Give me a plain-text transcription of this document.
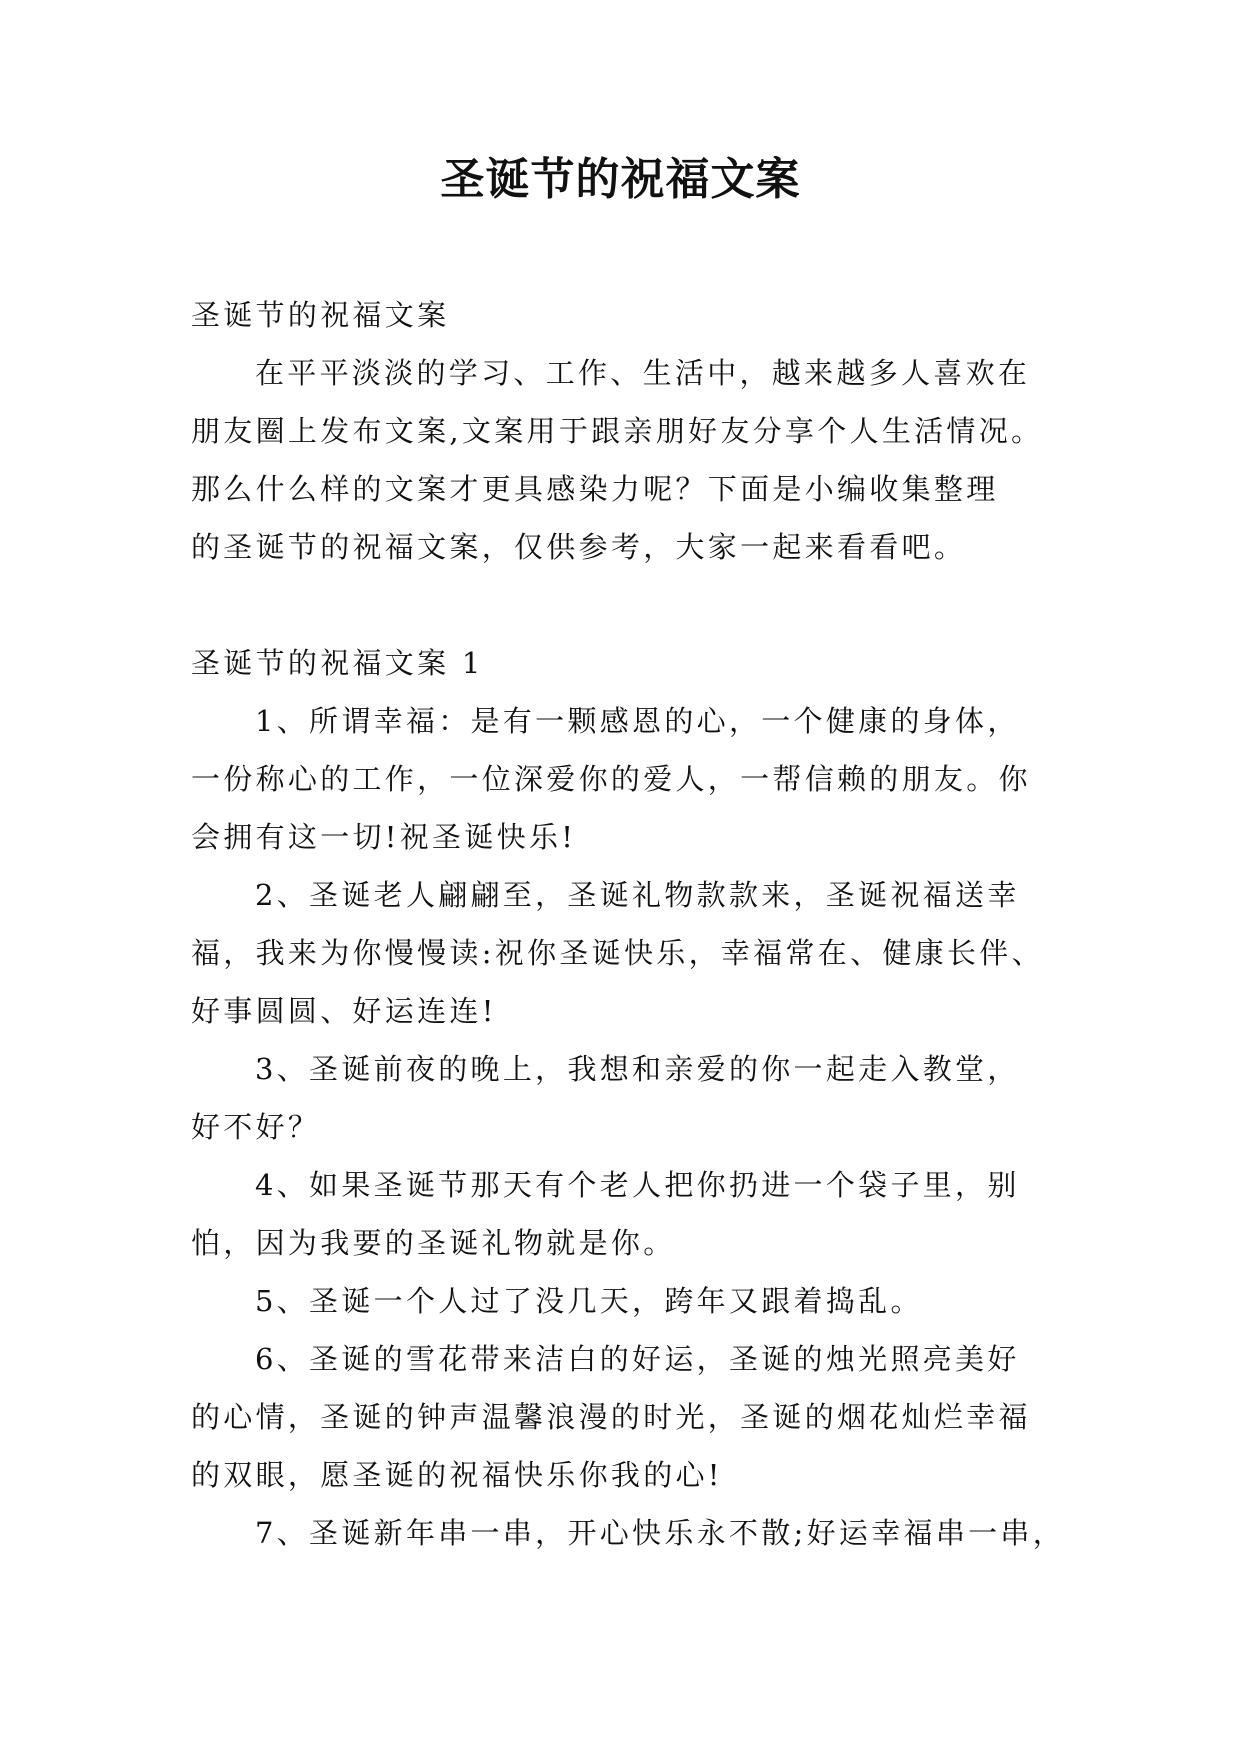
圣诞节的祝福文案

圣诞节的祝福文案

在平平淡淡的学习、工作、生活中，越来越多人喜欢在

朋友圈上发布文案,文案用于跟亲朋好友分享个人生活情况。

那么什么样的文案才更具感染力呢？下面是小编收集整理

的圣诞节的祝福文案，仅供参考，大家一起来看看吧。

圣诞节的祝福文案 1

1、所谓幸福：是有一颗感恩的心，一个健康的身体，

一份称心的工作，一位深爱你的爱人，一帮信赖的朋友。你

会拥有这一切!祝圣诞快乐!

2、圣诞老人翩翩至，圣诞礼物款款来，圣诞祝福送幸

福，我来为你慢慢读:祝你圣诞快乐，幸福常在、健康长伴、

好事圆圆、好运连连!

3、圣诞前夜的晚上，我想和亲爱的你一起走入教堂，

好不好？

4、如果圣诞节那天有个老人把你扔进一个袋子里，别

怕，因为我要的圣诞礼物就是你。

5、圣诞一个人过了没几天，跨年又跟着捣乱。

6、圣诞的雪花带来洁白的好运，圣诞的烛光照亮美好

的心情，圣诞的钟声温馨浪漫的时光，圣诞的烟花灿烂幸福

的双眼，愿圣诞的祝福快乐你我的心!

7、圣诞新年串一串，开心快乐永不散;好运幸福串一串，
